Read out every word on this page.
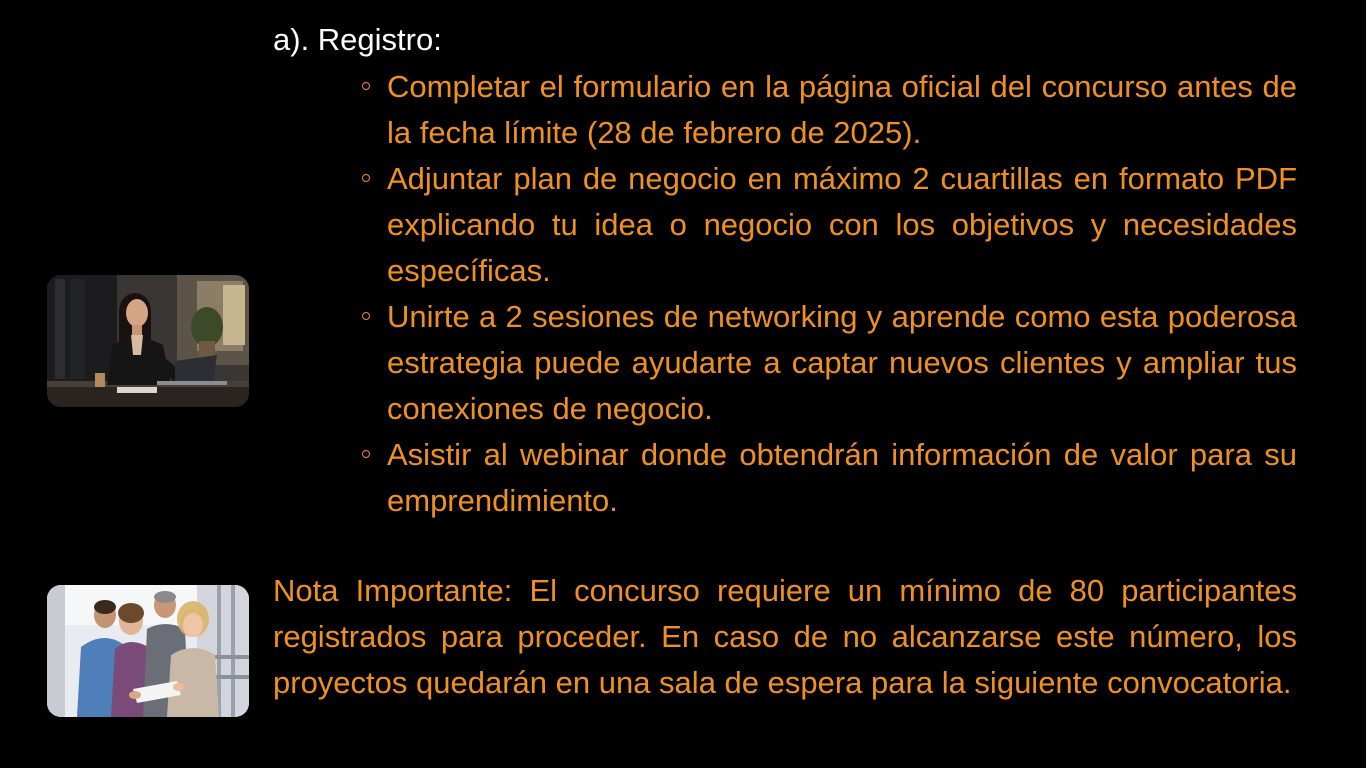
a). Registro:
Completar el formulario en la página oficial del concurso antes de la fecha límite (28 de febrero de 2025).
Adjuntar plan de negocio en máximo 2 cuartillas en formato PDF explicando tu idea o negocio con los objetivos y necesidades específicas.
Unirte a 2 sesiones de networking y aprende como esta poderosa estrategia puede ayudarte a captar nuevos clientes y ampliar tus conexiones de negocio.
Asistir al webinar donde obtendrán información de valor para su emprendimiento.

Nota Importante: El concurso requiere un mínimo de 80 participantes registrados para proceder. En caso de no alcanzarse este número, los proyectos quedarán en una sala de espera para la siguiente convocatoria.
